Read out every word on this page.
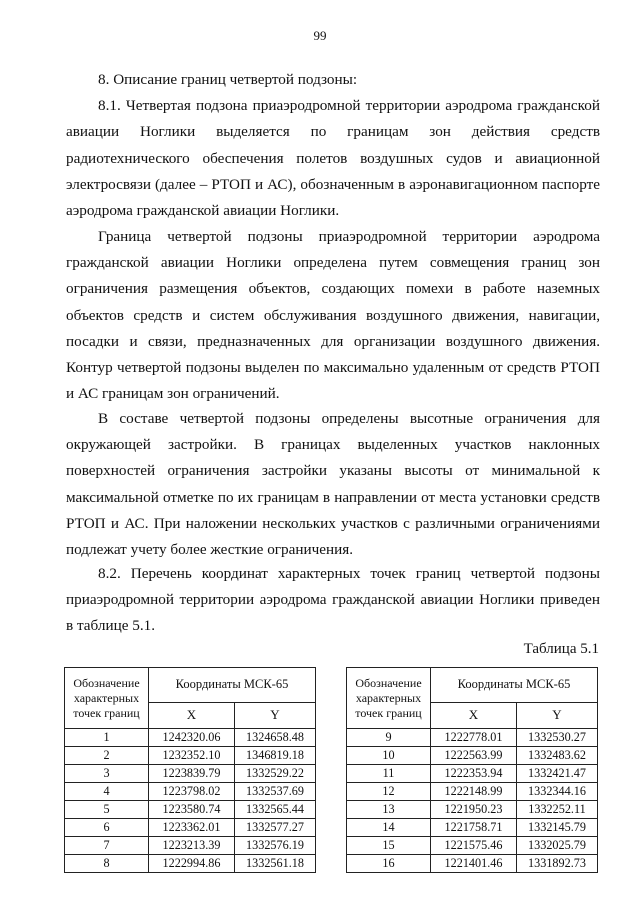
99

8. Описание границ четвертой подзоны:

8.1. Четвертая подзона приаэродромной территории аэродрома гражданской авиации Ноглики выделяется по границам зон действия средств радиотехнического обеспечения полетов воздушных судов и авиационной электросвязи (далее – РТОП и АС), обозначенным в аэронавигационном паспорте аэродрома гражданской авиации Ноглики.

Граница четвертой подзоны приаэродромной территории аэродрома гражданской авиации Ноглики определена путем совмещения границ зон ограничения размещения объектов, создающих помехи в работе наземных объектов средств и систем обслуживания воздушного движения, навигации, посадки и связи, предназначенных для организации воздушного движения. Контур четвертой подзоны выделен по максимально удаленным от средств РТОП и АС границам зон ограничений.

В составе четвертой подзоны определены высотные ограничения для окружающей застройки. В границах выделенных участков наклонных поверхностей ограничения застройки указаны высоты от минимальной к максимальной отметке по их границам в направлении от места установки средств РТОП и АС. При наложении нескольких участков с различными ограничениями подлежат учету более жесткие ограничения.

8.2. Перечень координат характерных точек границ четвертой подзоны приаэродромной территории аэродрома гражданской авиации Ноглики приведен в таблице 5.1.

Таблица 5.1
Обозначение характерных точек границ	Координаты МСК-65	
	X	Y
1	1242320.06	1324658.48
2	1232352.10	1346819.18
3	1223839.79	1332529.22
4	1223798.02	1332537.69
5	1223580.74	1332565.44
6	1223362.01	1332577.27
7	1223213.39	1332576.19
8	1222994.86	1332561.18
Обозначение характерных точек границ	Координаты МСК-65	
	X	Y
9	1222778.01	1332530.27
10	1222563.99	1332483.62
11	1222353.94	1332421.47
12	1222148.99	1332344.16
13	1221950.23	1332252.11
14	1221758.71	1332145.79
15	1221575.46	1332025.79
16	1221401.46	1331892.73
